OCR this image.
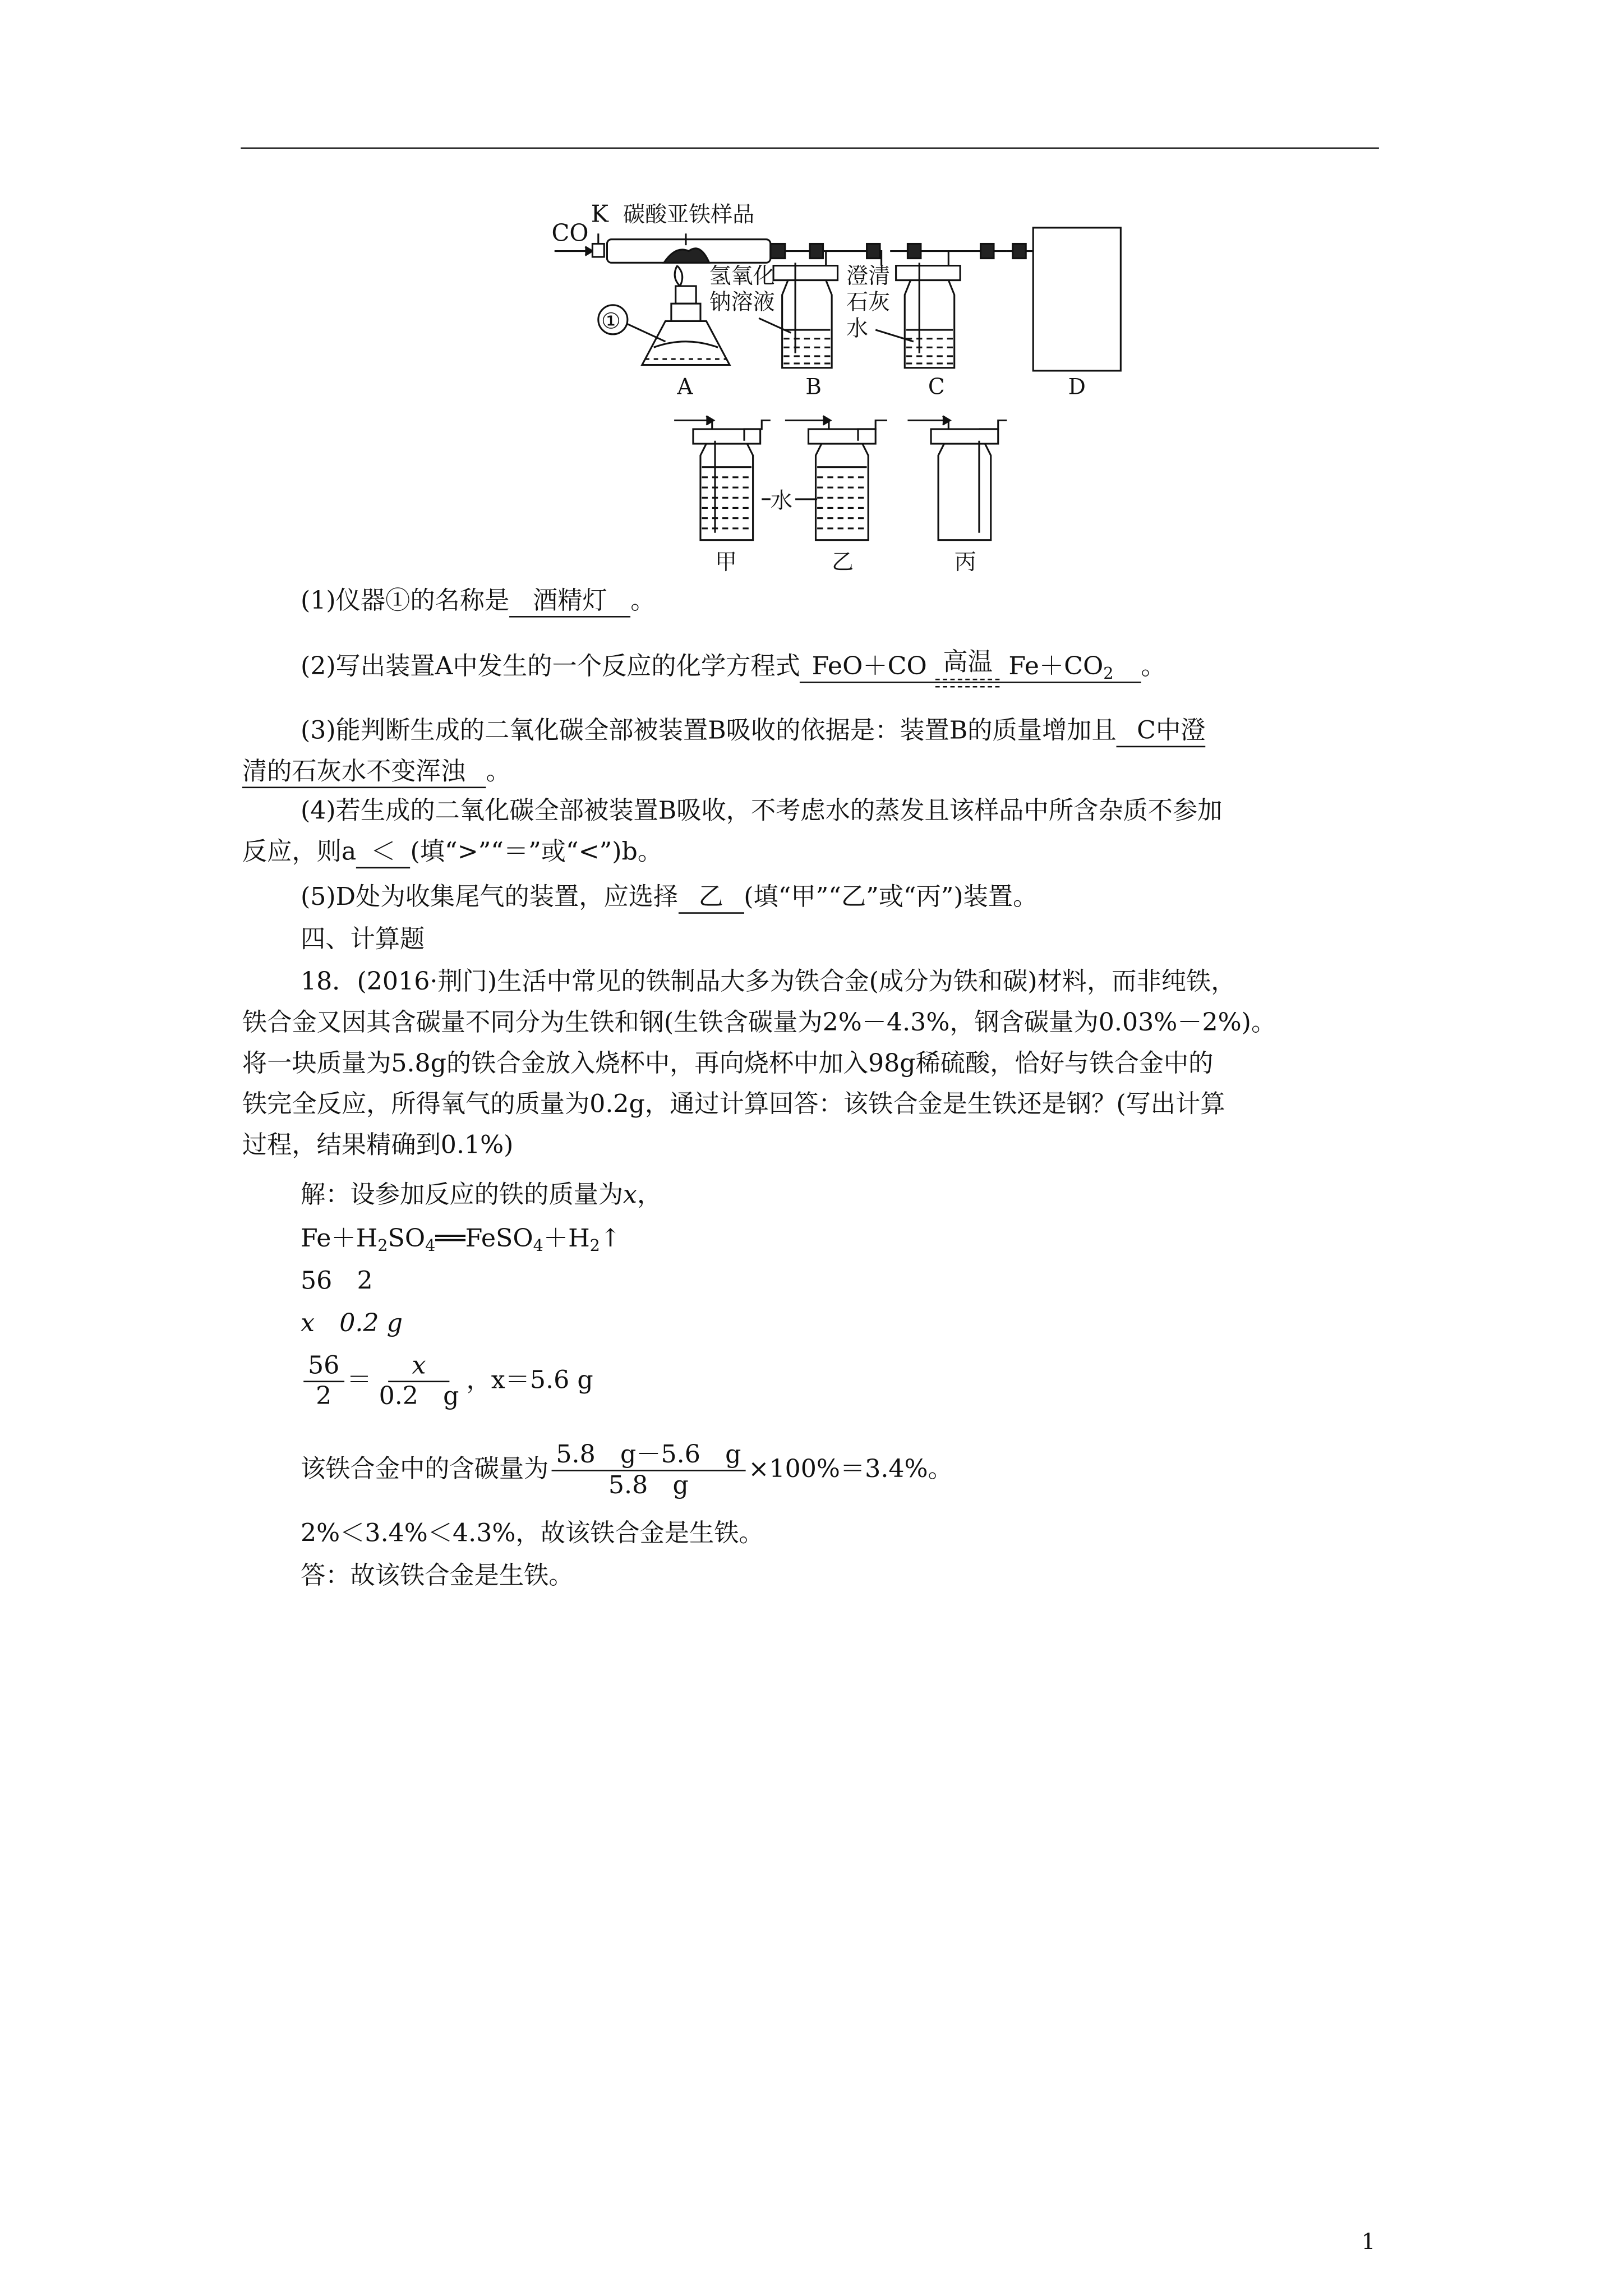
CO
K 碳酸亚铁样品
①
A
氢氧化
钠溶液
B
澄清
石灰
水
C	D
甲
水
乙	丙
(1)仪器①的名称是 酒精灯 。
(2)写出装置A中发生的一个反应的化学方程式 FeO＋CO 高温 $Fe+CO_2$	。
(3)能判断生成的二氧化碳全部被装置B吸收的依据是：装置B的质量增加且 C中澄
清的石灰水不变浑浊 。
(4)若生成的二氧化碳全部被装置B吸收，不考虑水的蒸发且该样品中所含杂质不参加
反应，则a ＜ (填“>”“＝”或“<”)b。
(5)D处为收集尾气的装置，应选择 乙 (填“甲”“乙”或“丙”)装置。
四、计算题
18．(2016·荆门)生活中常见的铁制品大多为铁合金(成分为铁和碳)材料，而非纯铁，
铁合金又因其含碳量不同分为生铁和钢(生铁含碳量为2%－4.3%，钢含碳量为0.03%－2%)。
将一块质量为5.8g的铁合金放入烧杯中，再向烧杯中加入98g稀硫酸，恰好与铁合金中的
铁完全反应，所得氧气的质量为0.2g，通过计算回答：该铁合金是生铁还是钢？(写出计算
过程，结果精确到0.1%)
解：设参加反应的铁的质量为x，
$Fe+H_2SO_4══FeSO_4+H_2↑$
56　2
x　0.2 g
$\frac{56}{2} = \frac{x}{0.2 g}$ ，x＝5.6 g
该铁合金中的含碳量为 $\frac{5.8 g-5.6 g}{5.8 g} \times 100\%=3.4\%$。
2%＜3.4%＜4.3%，故该铁合金是生铁。
答：故该铁合金是生铁。
1
